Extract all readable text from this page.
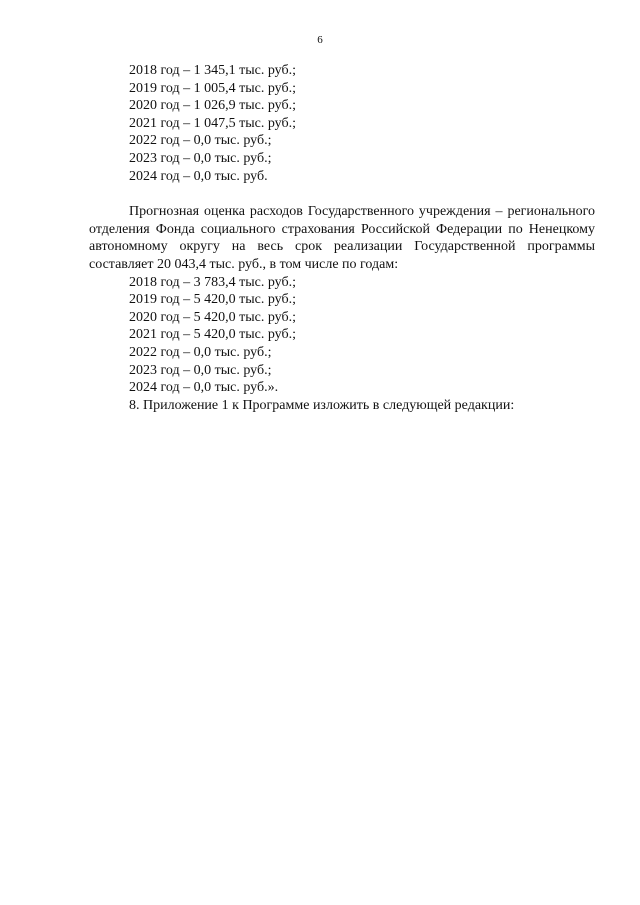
6

2018 год – 1 345,1 тыс. руб.;

2019 год – 1 005,4 тыс. руб.;

2020 год – 1 026,9 тыс. руб.;

2021 год – 1 047,5 тыс. руб.;

2022 год – 0,0 тыс. руб.;

2023 год – 0,0 тыс. руб.;

2024 год – 0,0 тыс. руб.

Прогнозная оценка расходов Государственного учреждения – регионального отделения Фонда социального страхования Российской Федерации по Ненецкому автономному округу на весь срок реализации Государственной программы составляет 20 043,4 тыс. руб., в том числе по годам:

2018 год – 3 783,4 тыс. руб.;

2019 год – 5 420,0 тыс. руб.;

2020 год – 5 420,0 тыс. руб.;

2021 год – 5 420,0 тыс. руб.;

2022 год – 0,0 тыс. руб.;

2023 год – 0,0 тыс. руб.;

2024 год – 0,0 тыс. руб.».

8. Приложение 1 к Программе изложить в следующей редакции:
